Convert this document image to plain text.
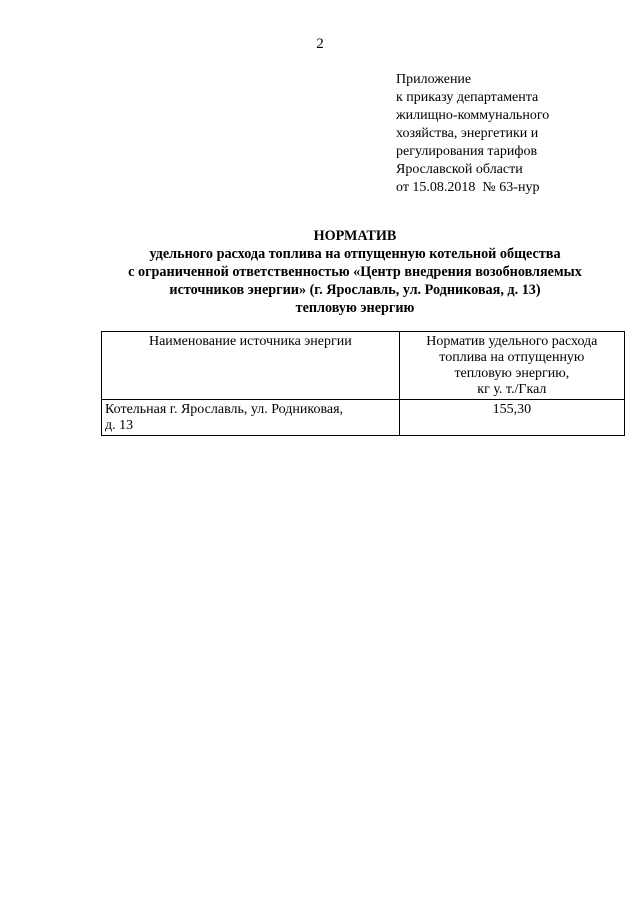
2
Приложение
к приказу департамента
жилищно-коммунального
хозяйства, энергетики и
регулирования тарифов
Ярославской области
от 15.08.2018  № 63-нур
НОРМАТИВ
удельного расхода топлива на отпущенную котельной общества
с ограниченной ответственностью «Центр внедрения возобновляемых
источников энергии» (г. Ярославль, ул. Родниковая, д. 13)
тепловую энергию
Наименование источника энергии	Норматив удельного расхода
топлива на отпущенную
тепловую энергию,
кг у. т./Гкал

Котельная г. Ярославль, ул. Родниковая,
д. 13	155,30
